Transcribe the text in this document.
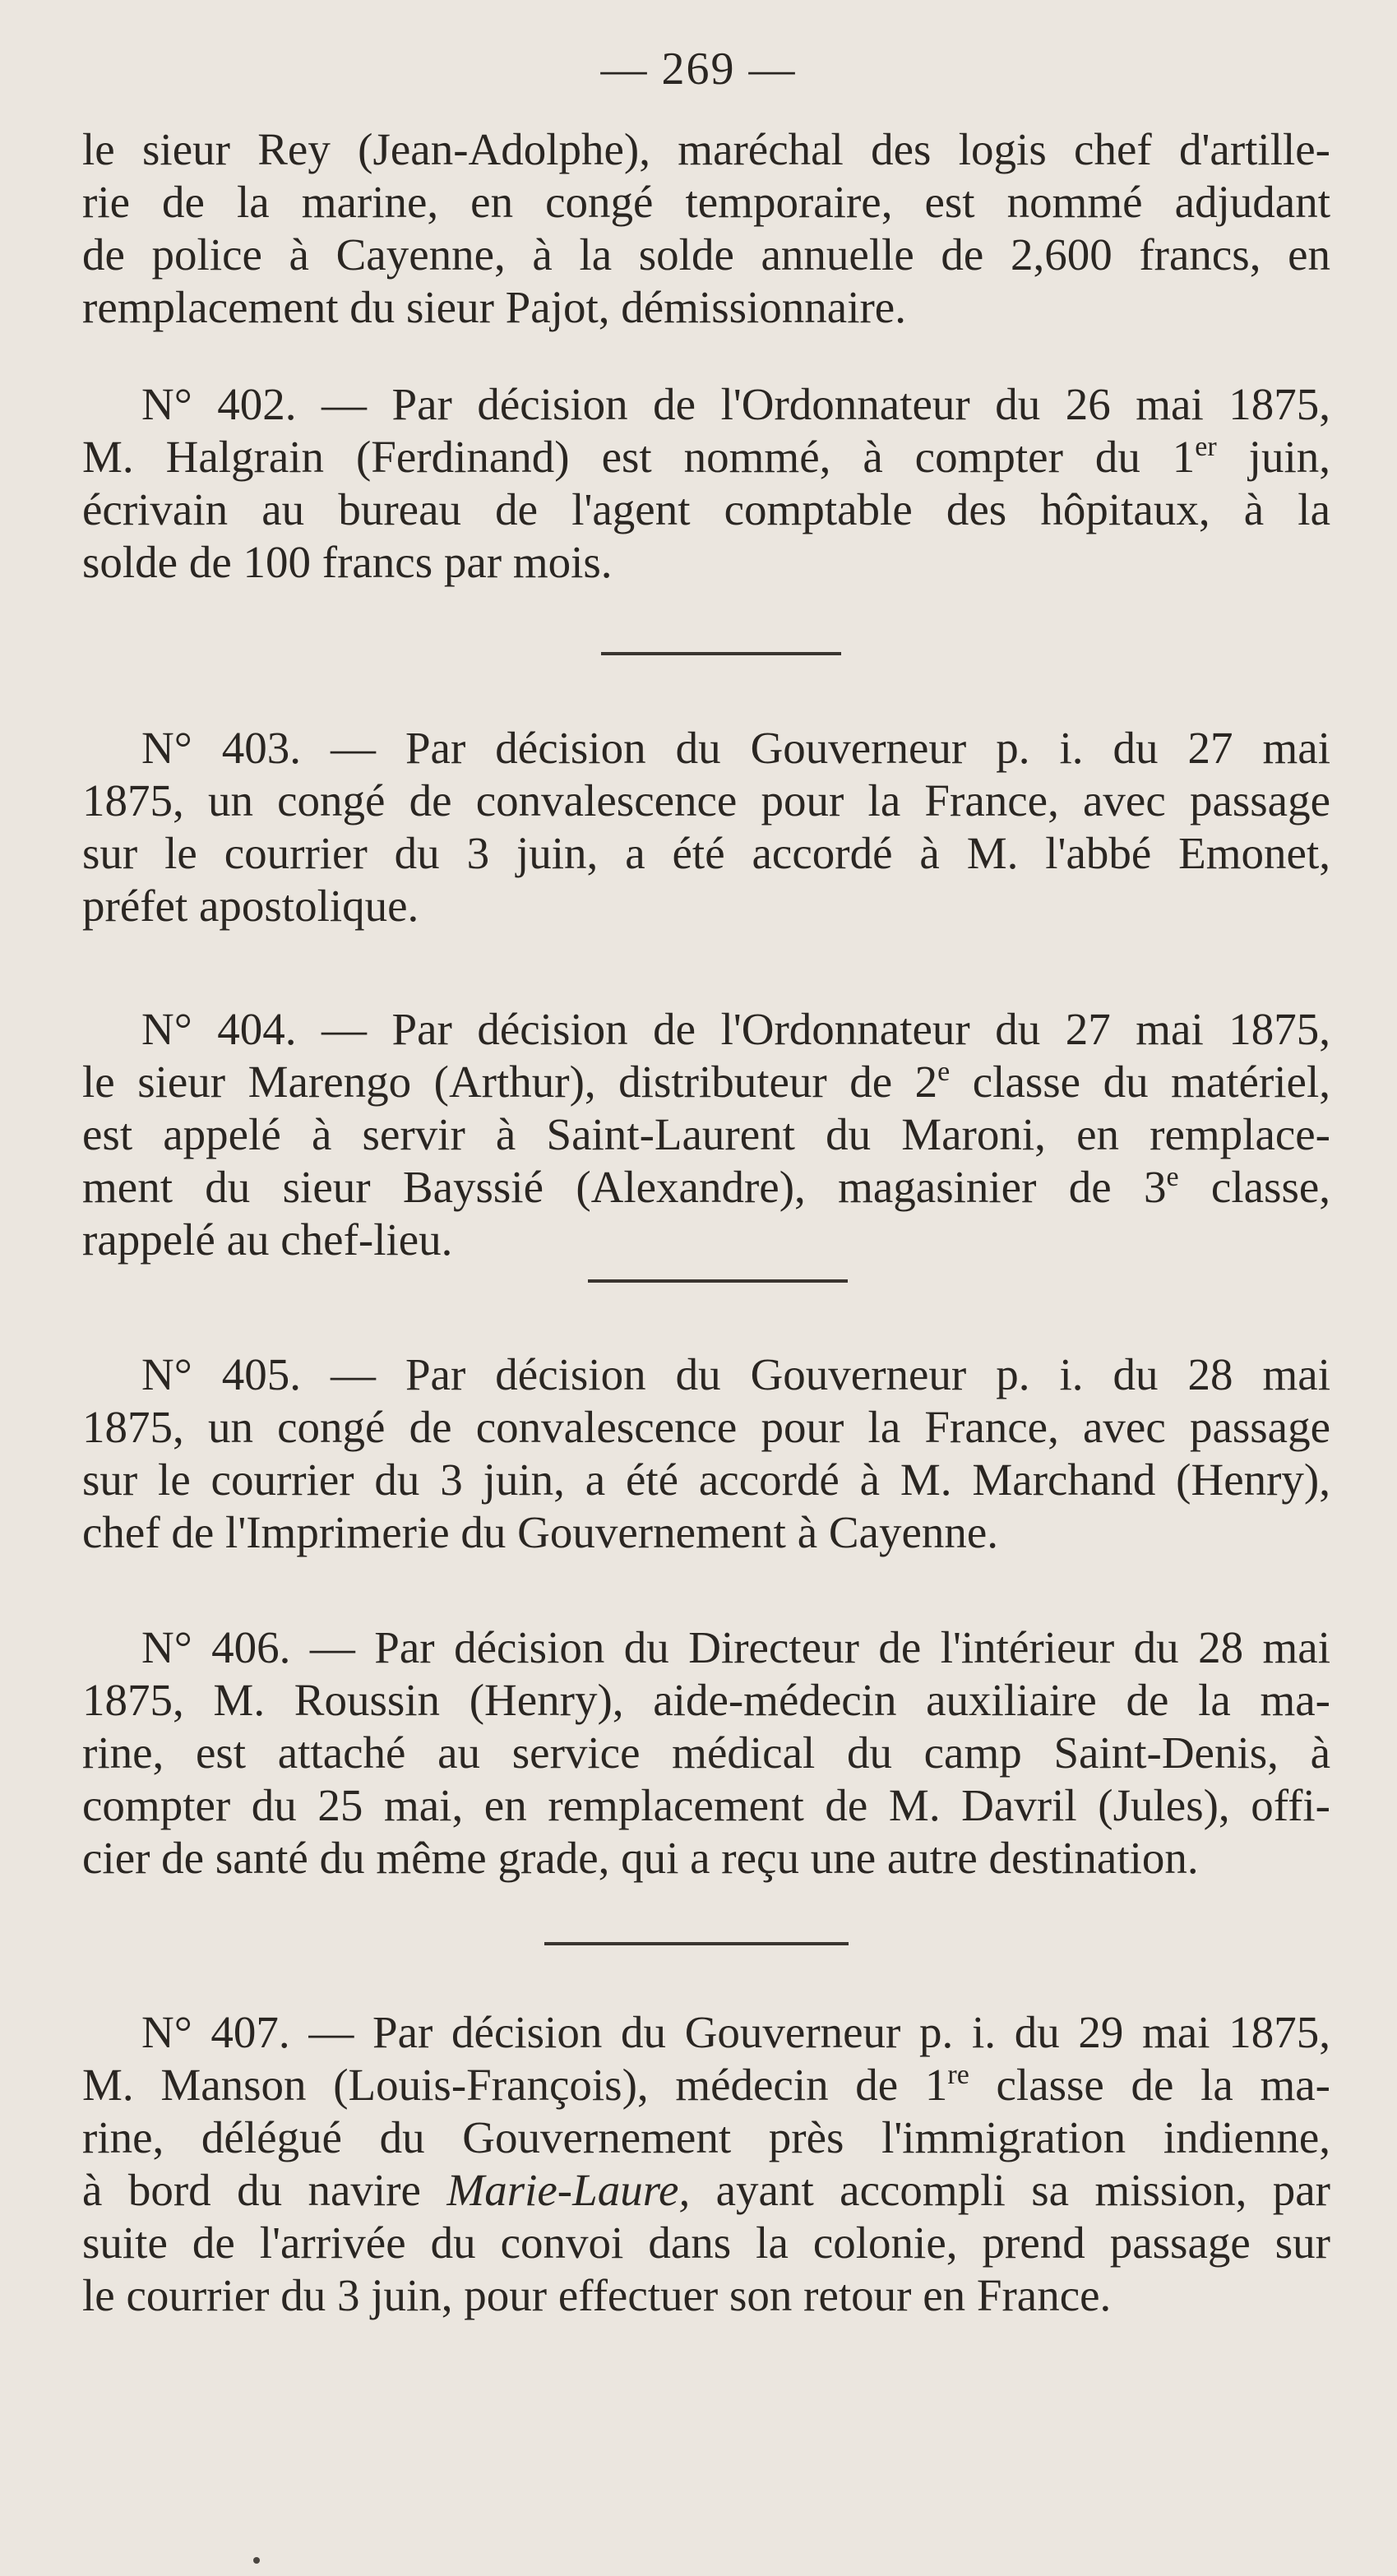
— 269 —
le sieur Rey (Jean-Adolphe), maréchal des logis chef d'artille-
rie de la marine, en congé temporaire, est nommé adjudant
de police à Cayenne, à la solde annuelle de 2,600 francs, en
remplacement du sieur Pajot, démissionnaire.
N° 402. — Par décision de l'Ordonnateur du 26 mai 1875,
M. Halgrain (Ferdinand) est nommé, à compter du 1er juin,
écrivain au bureau de l'agent comptable des hôpitaux, à la
solde de 100 francs par mois.
N° 403. — Par décision du Gouverneur p. i. du 27 mai
1875, un congé de convalescence pour la France, avec passage
sur le courrier du 3 juin, a été accordé à M. l'abbé Emonet,
préfet apostolique.
N° 404. — Par décision de l'Ordonnateur du 27 mai 1875,
le sieur Marengo (Arthur), distributeur de 2e classe du matériel,
est appelé à servir à Saint-Laurent du Maroni, en remplace-
ment du sieur Bayssié (Alexandre), magasinier de 3e classe,
rappelé au chef-lieu.
N° 405. — Par décision du Gouverneur p. i. du 28 mai
1875, un congé de convalescence pour la France, avec passage
sur le courrier du 3 juin, a été accordé à M. Marchand (Henry),
chef de l'Imprimerie du Gouvernement à Cayenne.
N° 406. — Par décision du Directeur de l'intérieur du 28 mai
1875, M. Roussin (Henry), aide-médecin auxiliaire de la ma-
rine, est attaché au service médical du camp Saint-Denis, à
compter du 25 mai, en remplacement de M. Davril (Jules), offi-
cier de santé du même grade, qui a reçu une autre destination.
N° 407. — Par décision du Gouverneur p. i. du 29 mai 1875,
M. Manson (Louis-François), médecin de 1re classe de la ma-
rine, délégué du Gouvernement près l'immigration indienne,
à bord du navire Marie-Laure, ayant accompli sa mission, par
suite de l'arrivée du convoi dans la colonie, prend passage sur
le courrier du 3 juin, pour effectuer son retour en France.
